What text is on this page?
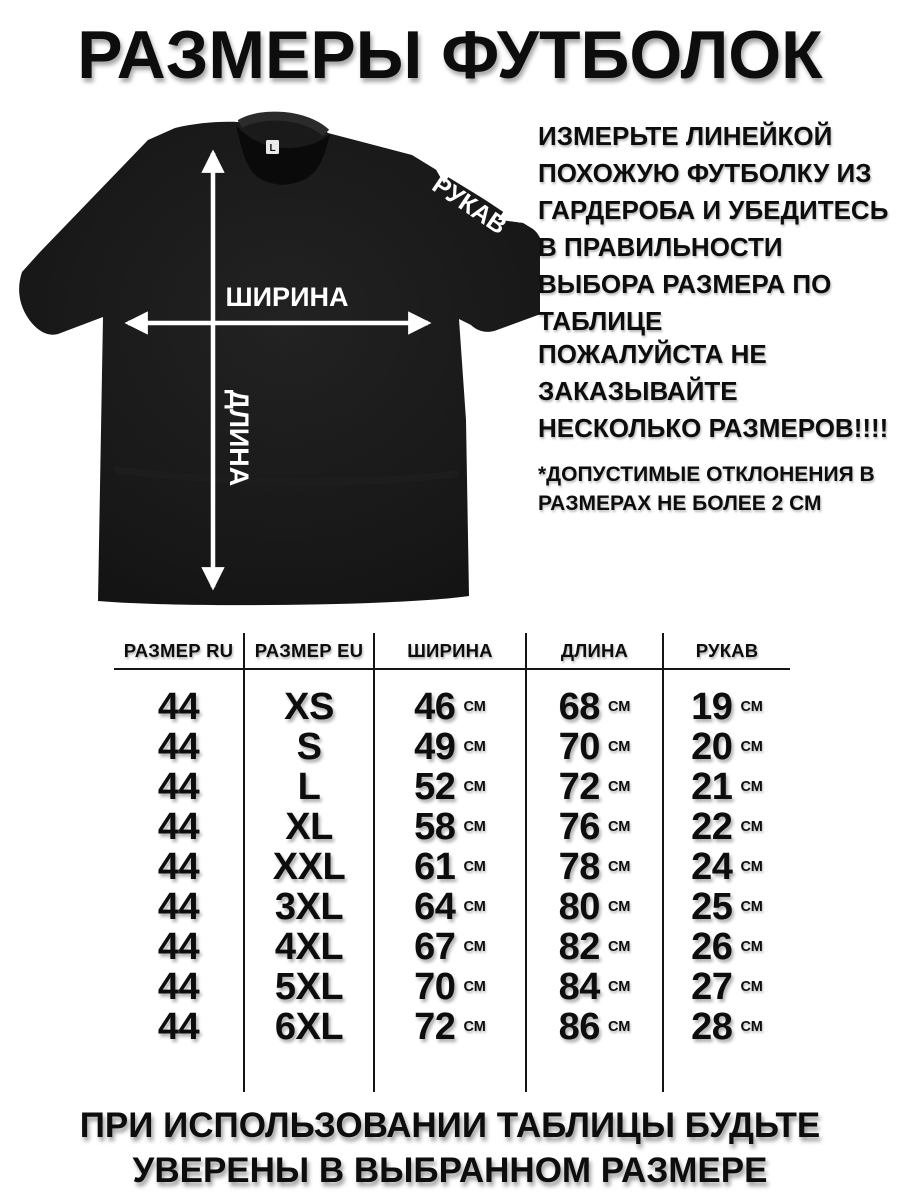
РАЗМЕРЫ ФУТБОЛОК
L
ШИРИНА
ДЛИНА
РУКАВ
ИЗМЕРЬТЕ ЛИНЕЙКОЙ
ПОХОЖУЮ ФУТБОЛКУ ИЗ
ГАРДЕРОБА И УБЕДИТЕСЬ
В ПРАВИЛЬНОСТИ
ВЫБОРА РАЗМЕРА ПО
ТАБЛИЦЕ
ПОЖАЛУЙСТА НЕ
ЗАКАЗЫВАЙТЕ
НЕСКОЛЬКО РАЗМЕРОВ!!!!
*ДОПУСТИМЫЕ ОТКЛОНЕНИЯ В
РАЗМЕРАХ НЕ БОЛЕЕ 2 СМ
РАЗМЕР RU РАЗМЕР EU ШИРИНА	ДЛИНА	РУКАВ
44 XS 46 СМ 68 СМ 19 СМ
44	S 49 СМ 70 СМ 20 СМ
44	L 52 СМ 72 СМ 21 СМ
44 XL 58 СМ 76 СМ 22 СМ
44 XXL 61 СМ 78 СМ 24 СМ
44 3XL 64 СМ 80 СМ 25 СМ
44 4XL 67 СМ 82 СМ 26 СМ
44 5XL 70 СМ 84 СМ 27 СМ
44 6XL 72 СМ 86 СМ 28 СМ
ПРИ ИСПОЛЬЗОВАНИИ ТАБЛИЦЫ БУДЬТЕ
УВЕРЕНЫ В ВЫБРАННОМ РАЗМЕРЕ
